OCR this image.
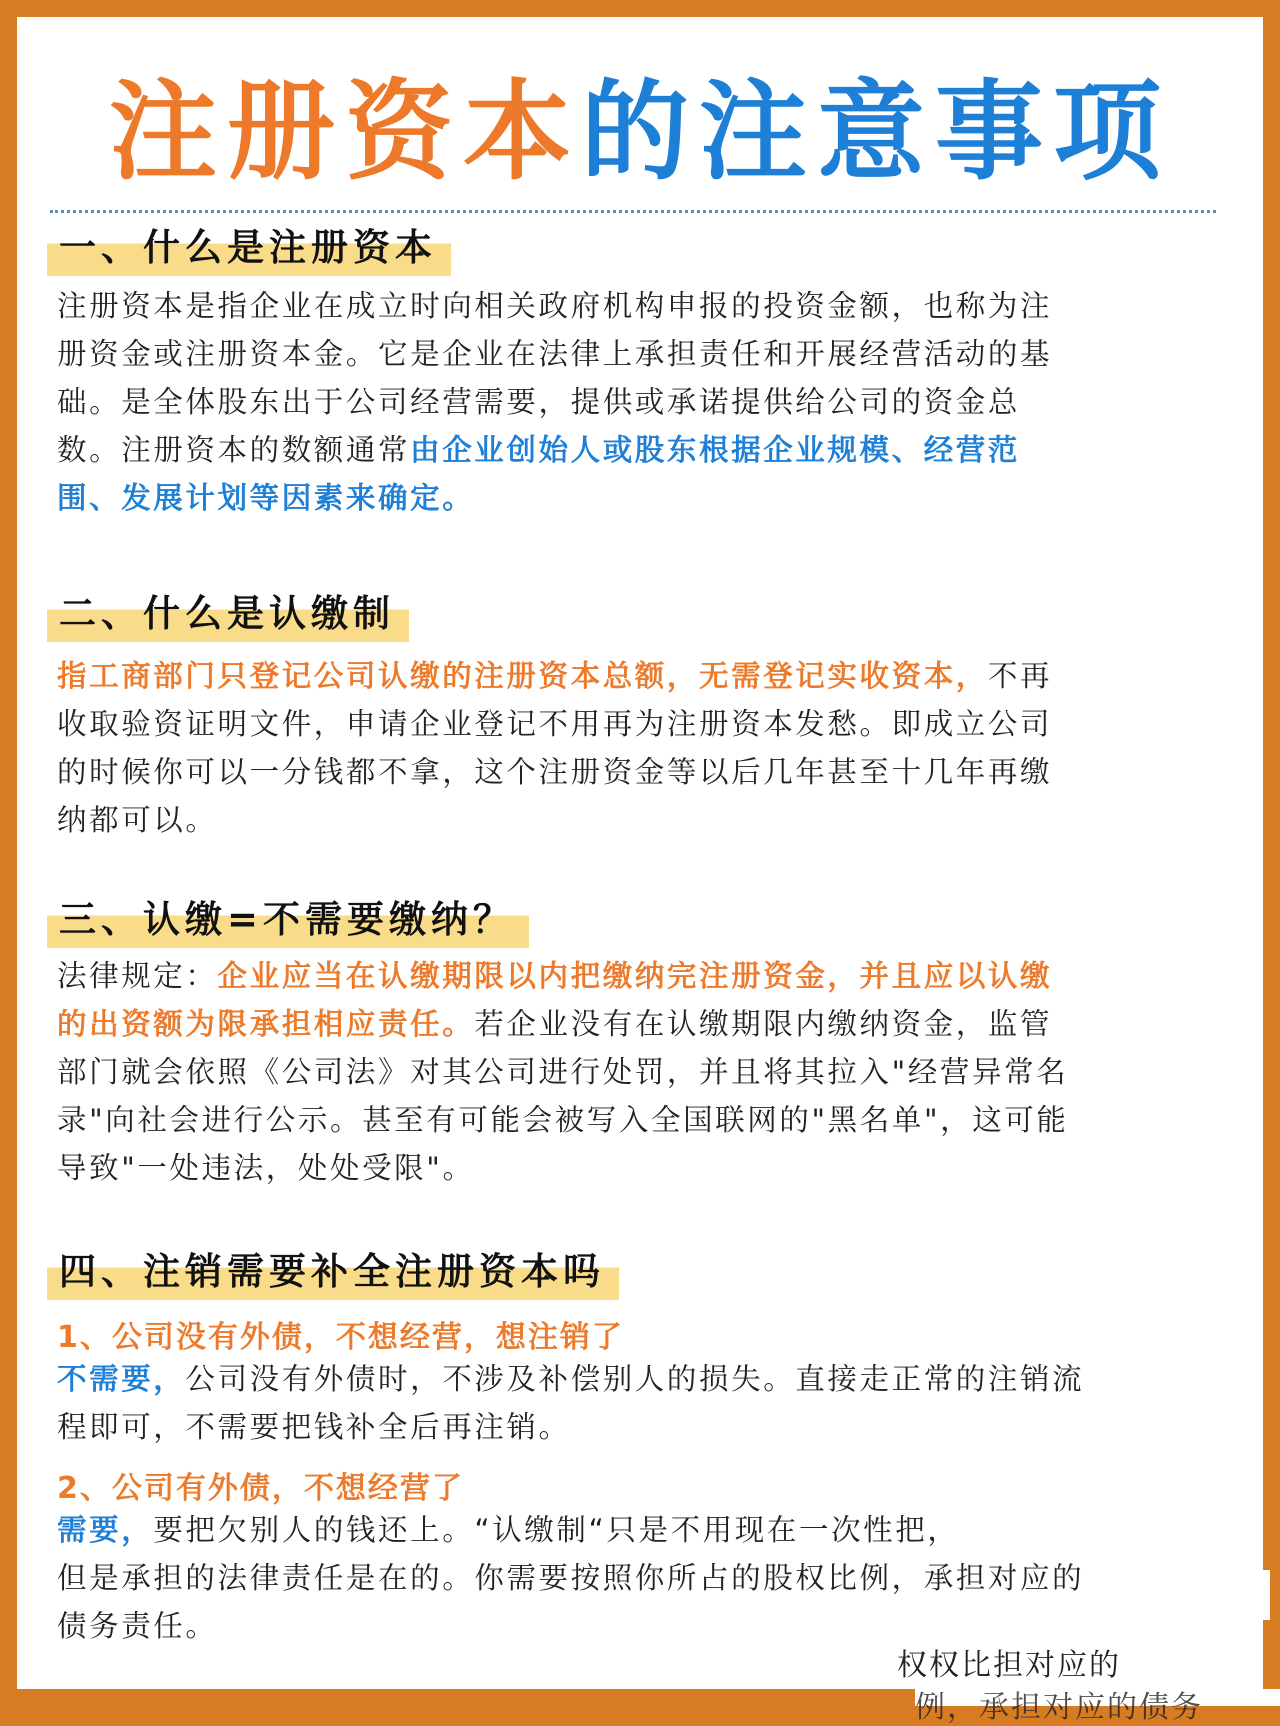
注册资本的注意事项
一、什么是注册资本
注册资本是指企业在成立时向相关政府机构申报的投资金额，也称为注
册资金或注册资本金。它是企业在法律上承担责任和开展经营活动的基
础。是全体股东出于公司经营需要，提供或承诺提供给公司的资金总
数。注册资本的数额通常由企业创始人或股东根据企业规模、经营范
围、发展计划等因素来确定。
二、什么是认缴制
指工商部门只登记公司认缴的注册资本总额，无需登记实收资本，不再
收取验资证明文件，申请企业登记不用再为注册资本发愁。即成立公司
的时候你可以一分钱都不拿，这个注册资金等以后几年甚至十几年再缴
纳都可以。
三、认缴=不需要缴纳？
法律规定：企业应当在认缴期限以内把缴纳完注册资金，并且应以认缴
的出资额为限承担相应责任。若企业没有在认缴期限内缴纳资金，监管
部门就会依照《公司法》对其公司进行处罚，并且将其拉入"经营异常名
录"向社会进行公示。甚至有可能会被写入全国联网的"黑名单"，这可能
导致"一处违法，处处受限"。
四、注销需要补全注册资本吗
1、公司没有外债，不想经营，想注销了
不需要，公司没有外债时，不涉及补偿别人的损失。直接走正常的注销流
程即可，不需要把钱补全后再注销。
2、公司有外债，不想经营了
需要，要把欠别人的钱还上。“认缴制“只是不用现在一次性把，
但是承担的法律责任是在的。你需要按照你所占的股权比例，承担对应的
债务责任。
权权比担对应的
例，承担对应的债务
